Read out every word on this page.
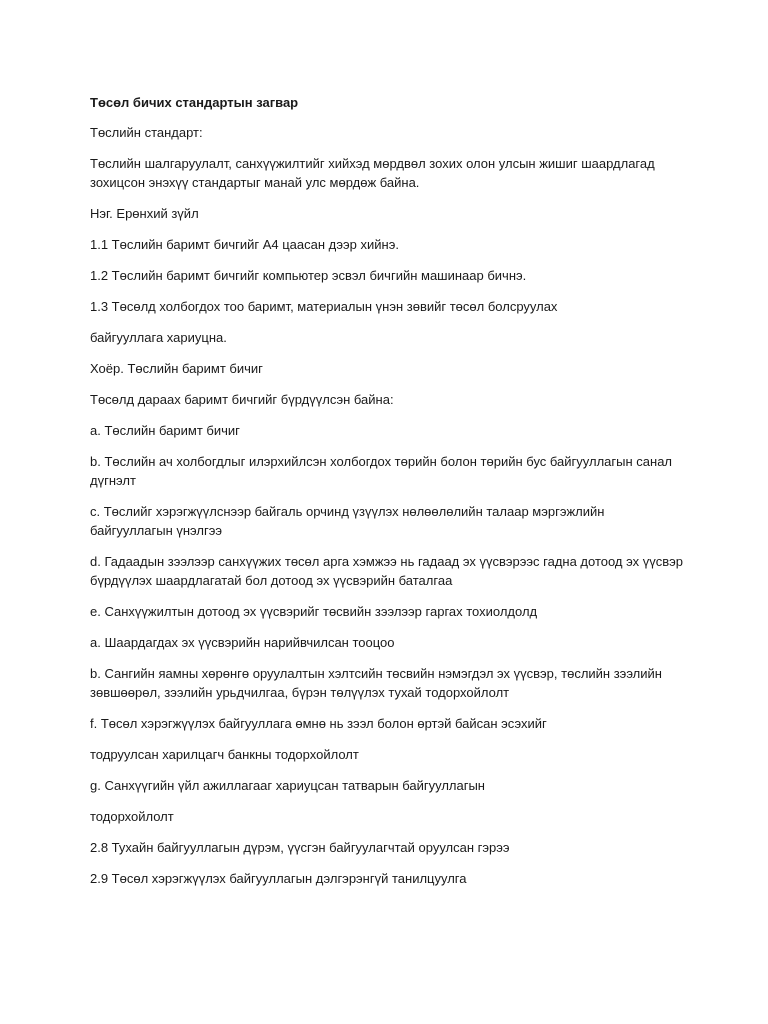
Төсөл бичих стандартын загвар
Төслийн стандарт:
Төслийн шалгаруулалт, санхүүжилтийг хийхэд мөрдвөл зохих олон улсын жишиг шаардлагад зохицсон энэхүү стандартыг манай улс мөрдөж байна.
Нэг. Ерөнхий зүйл
1.1 Төслийн баримт бичгийг А4 цаасан дээр хийнэ.
1.2 Төслийн баримт бичгийг компьютер эсвэл бичгийн машинаар бичнэ.
1.3 Төсөлд холбогдох тоо баримт, материалын үнэн зөвийг төсөл болсруулах
байгууллага хариуцна.
Хоёр. Төслийн баримт бичиг
Төсөлд дараах баримт бичгийг бүрдүүлсэн байна:
a. Төслийн баримт бичиг
b. Төслийн ач холбогдлыг илэрхийлсэн холбогдох төрийн болон төрийн бус байгууллагын санал дүгнэлт
c. Төслийг хэрэгжүүлснээр байгаль орчинд үзүүлэх нөлөөлөлийн талаар мэргэжлийн байгууллагын үнэлгээ
d. Гадаадын зээлээр санхүүжих төсөл арга хэмжээ нь гадаад эх үүсвэрээс гадна дотоод эх үүсвэр бүрдүүлэх шаардлагатай бол дотоод эх үүсвэрийн баталгаа
e. Санхүүжилтын дотоод эх үүсвэрийг төсвийн зээлээр гаргах тохиолдолд
a. Шаардагдах эх үүсвэрийн нарийвчилсан тооцоо
b. Сангийн яамны хөрөнгө оруулалтын хэлтсийн төсвийн нэмэгдэл эх үүсвэр, төслийн зээлийн зөвшөөрөл, зээлийн урьдчилгаа, бүрэн төлүүлэх тухай тодорхойлолт
f. Төсөл хэрэгжүүлэх байгууллага өмнө нь зээл болон өртэй байсан эсэхийг
тодруулсан харилцагч банкны тодорхойлолт
g. Санхүүгийн үйл ажиллагааг хариуцсан татварын байгууллагын
тодорхойлолт
2.8 Тухайн байгууллагын дүрэм, үүсгэн байгуулагчтай оруулсан гэрээ
2.9 Төсөл хэрэгжүүлэх байгууллагын дэлгэрэнгүй танилцуулга
